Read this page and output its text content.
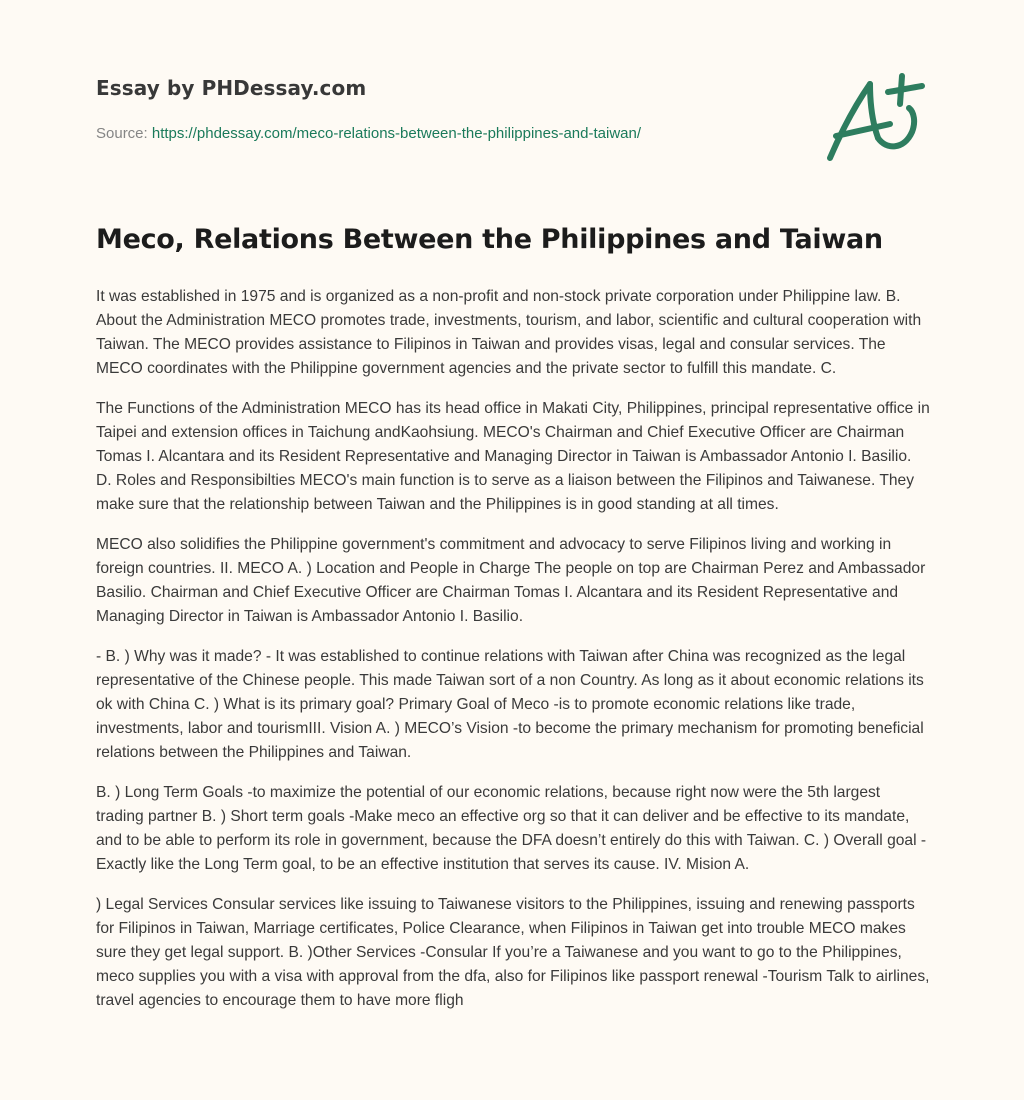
Essay by PHDessay.com
Source: https://phdessay.com/meco-relations-between-the-philippines-and-taiwan/
Meco, Relations Between the Philippines and Taiwan

It was established in 1975 and is organized as a non-profit and non-stock private corporation under Philippine law. B. About the Administration MECO promotes trade, investments, tourism, and labor, scientific and cultural cooperation with Taiwan. The MECO provides assistance to Filipinos in Taiwan and provides visas, legal and consular services. The MECO coordinates with the Philippine government agencies and the private sector to fulfill this mandate. C.

The Functions of the Administration MECO has its head office in Makati City, Philippines, principal representative office in Taipei and extension offices in Taichung andKaohsiung. MECO's Chairman and Chief Executive Officer are Chairman Tomas I. Alcantara and its Resident Representative and Managing Director in Taiwan is Ambassador Antonio I. Basilio. D. Roles and Responsibilties MECO's main function is to serve as a liaison between the Filipinos and Taiwanese. They make sure that the relationship between Taiwan and the Philippines is in good standing at all times.

MECO also solidifies the Philippine government's commitment and advocacy to serve Filipinos living and working in foreign countries. II. MECO A. ) Location and People in Charge The people on top are Chairman Perez and Ambassador Basilio. Chairman and Chief Executive Officer are Chairman Tomas I. Alcantara and its Resident Representative and Managing Director in Taiwan is Ambassador Antonio I. Basilio.

- B. ) Why was it made? - It was established to continue relations with Taiwan after China was recognized as the legal representative of the Chinese people. This made Taiwan sort of a non Country. As long as it about economic relations its ok with China C. ) What is its primary goal? Primary Goal of Meco -is to promote economic relations like trade, investments, labor and tourismIII. Vision A. ) MECO’s Vision -to become the primary mechanism for promoting beneficial relations between the Philippines and Taiwan.

B. ) Long Term Goals -to maximize the potential of our economic relations, because right now were the 5th largest trading partner B. ) Short term goals -Make meco an effective org so that it can deliver and be effective to its mandate, and to be able to perform its role in government, because the DFA doesn’t entirely do this with Taiwan. C. ) Overall goal -Exactly like the Long Term goal, to be an effective institution that serves its cause. IV. Mision A.

) Legal Services Consular services like issuing to Taiwanese visitors to the Philippines, issuing and renewing passports for Filipinos in Taiwan, Marriage certificates, Police Clearance, when Filipinos in Taiwan get into trouble MECO makes sure they get legal support. B. )Other Services -Consular If you’re a Taiwanese and you want to go to the Philippines, meco supplies you with a visa with approval from the dfa, also for Filipinos like passport renewal -Tourism Talk to airlines, travel agencies to encourage them to have more fligh
